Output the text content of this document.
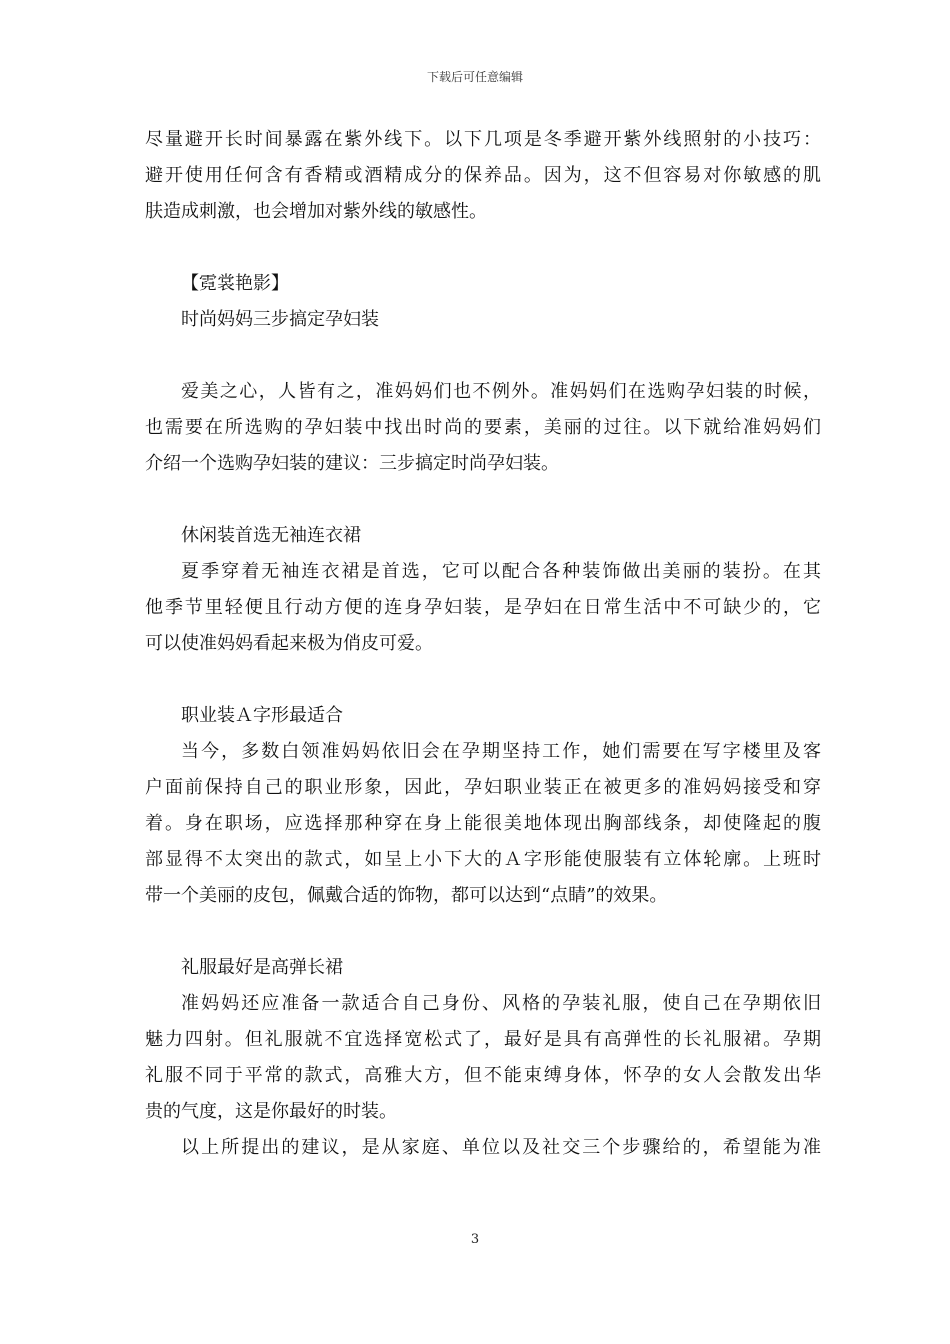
下载后可任意编辑
尽量避开长时间暴露在紫外线下。以下几项是冬季避开紫外线照射的小技巧：
避开使用任何含有香精或酒精成分的保养品。因为，这不但容易对你敏感的肌
肤造成刺激，也会增加对紫外线的敏感性。
【霓裳艳影】
时尚妈妈三步搞定孕妇装
爱美之心，人皆有之，准妈妈们也不例外。准妈妈们在选购孕妇装的时候，
也需要在所选购的孕妇装中找出时尚的要素，美丽的过往。以下就给准妈妈们
介绍一个选购孕妇装的建议：三步搞定时尚孕妇装。
休闲装首选无袖连衣裙
夏季穿着无袖连衣裙是首选，它可以配合各种装饰做出美丽的装扮。在其
他季节里轻便且行动方便的连身孕妇装，是孕妇在日常生活中不可缺少的，它
可以使准妈妈看起来极为俏皮可爱。
职业装Ａ字形最适合
当今，多数白领准妈妈依旧会在孕期坚持工作，她们需要在写字楼里及客
户面前保持自己的职业形象，因此，孕妇职业装正在被更多的准妈妈接受和穿
着。身在职场，应选择那种穿在身上能很美地体现出胸部线条，却使隆起的腹
部显得不太突出的款式，如呈上小下大的Ａ字形能使服装有立体轮廓。上班时
带一个美丽的皮包，佩戴合适的饰物，都可以达到“点睛”的效果。
礼服最好是高弹长裙
准妈妈还应准备一款适合自己身份、风格的孕装礼服，使自己在孕期依旧
魅力四射。但礼服就不宜选择宽松式了，最好是具有高弹性的长礼服裙。孕期
礼服不同于平常的款式，高雅大方，但不能束缚身体，怀孕的女人会散发出华
贵的气度，这是你最好的时装。
以上所提出的建议，是从家庭、单位以及社交三个步骤给的，希望能为准
3
